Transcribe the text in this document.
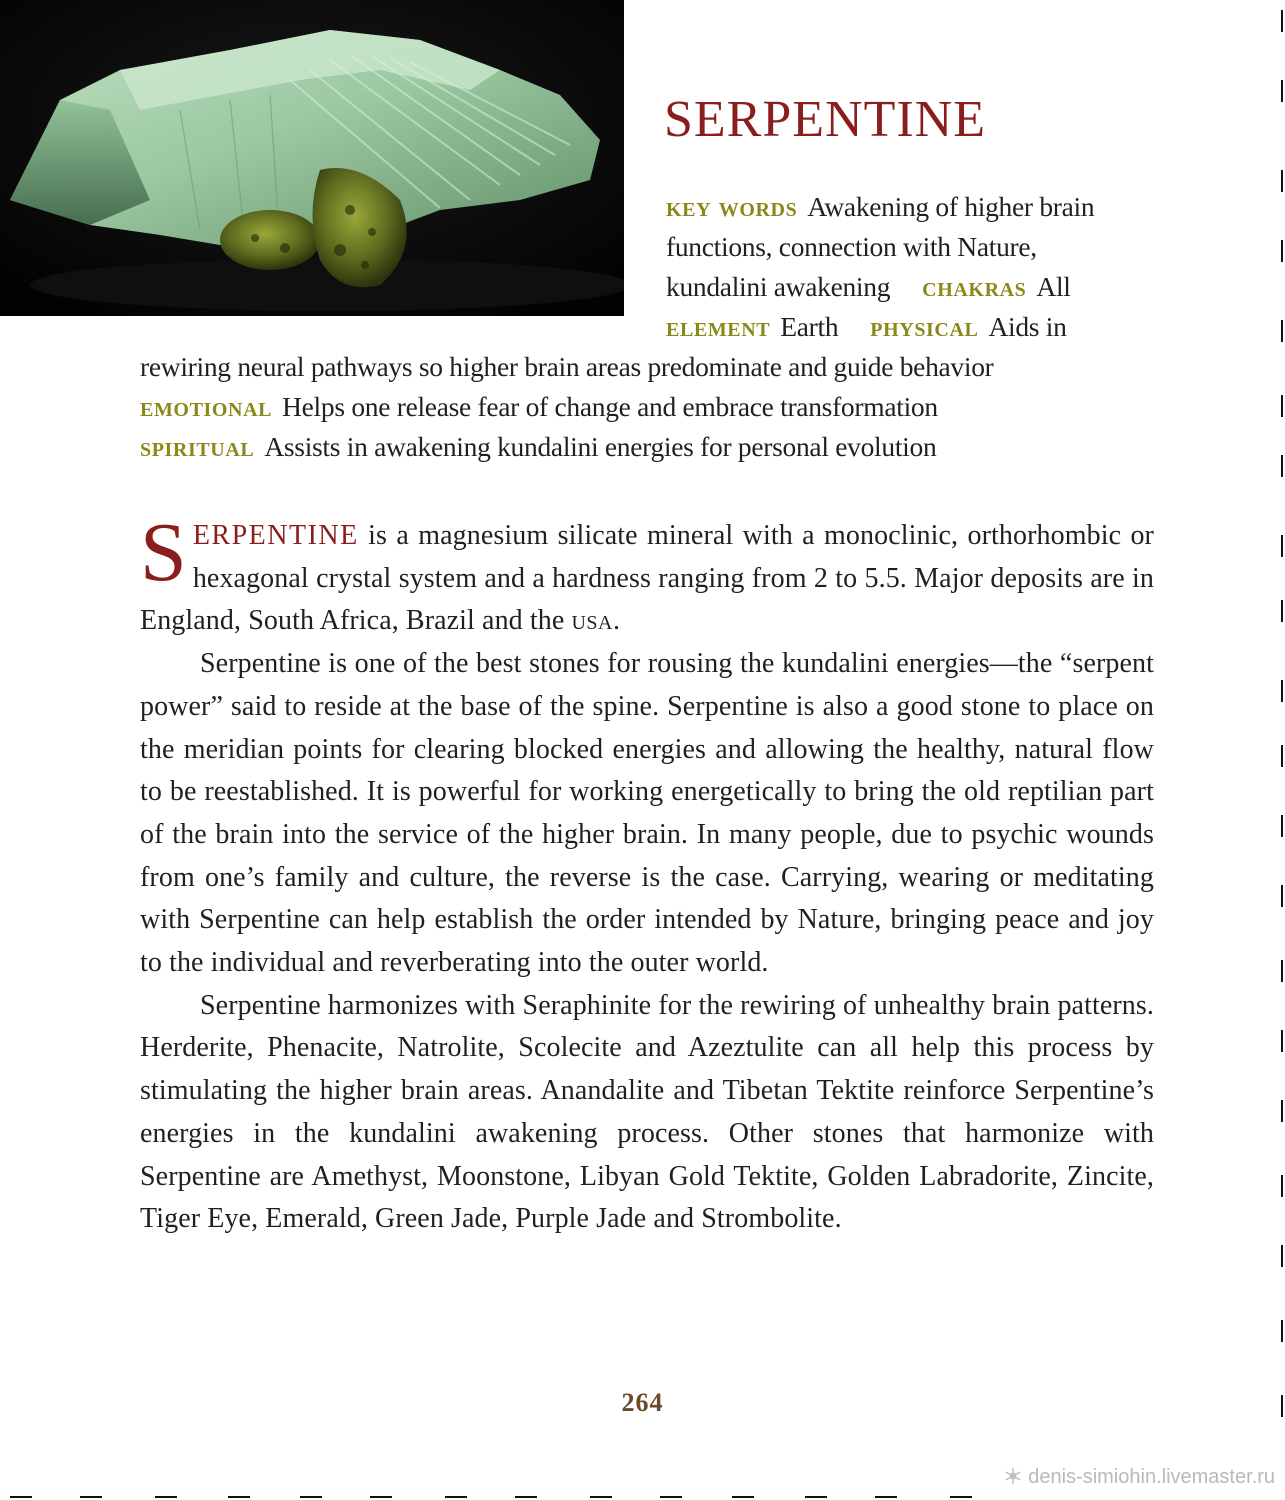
SERPENTINE
key words Awakening of higher brain
functions, connection with Nature,
kundalini awakening chakras All
element Earth physical Aids in
rewiring neural pathways so higher brain areas predominate and guide behavior
emotional Helps one release fear of change and embrace transformation
spiritual Assists in awakening kundalini energies for personal evolution

SERPENTINE is a magnesium silicate mineral with a monoclinic, orthorhombic or hexagonal crystal system and a hardness ranging from 2 to 5.5. Major deposits are in England, South Africa, Brazil and the usa.

Serpentine is one of the best stones for rousing the kundalini energies—the “serpent power” said to reside at the base of the spine. Serpentine is also a good stone to place on the meridian points for clearing blocked energies and allowing the healthy, natural flow to be reestablished. It is powerful for working energetically to bring the old reptilian part of the brain into the service of the higher brain. In many people, due to psychic wounds from one’s family and culture, the reverse is the case. Carrying, wearing or meditating with Serpentine can help establish the order intended by Nature, bringing peace and joy to the individual and reverberating into the outer world.

Serpentine harmonizes with Seraphinite for the rewiring of unhealthy brain patterns. Herderite, Phenacite, Natrolite, Scolecite and Azeztulite can all help this process by stimulating the higher brain areas. Anandalite and Tibetan Tektite reinforce Serpentine’s energies in the kundalini awakening process. Other stones that harmonize with Serpentine are Amethyst, Moonstone, Libyan Gold Tektite, Golden Labradorite, Zincite, Tiger Eye, Emerald, Green Jade, Purple Jade and Strombolite.

264
denis-simiohin.livemaster.ru
